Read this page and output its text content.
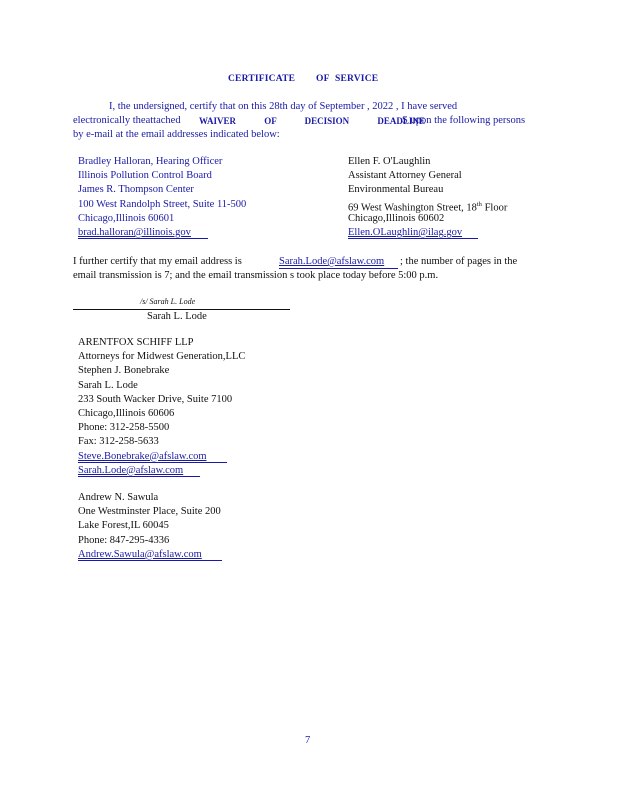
CERTIFICATE OF SERVICE
I, the undersigned, certify that on this 28th day of September , 2022 , I have served
electronically theattached WAIVER OF DECISION DEADLINE
S upon the following persons
by e-mail at the email addresses indicated below:
Bradley Halloran, Hearing Officer
Illinois Pollution Control Board
James R. Thompson Center
100 West Randolph Street, Suite 11-500
Chicago,Illinois 60601
brad.halloran@illinois.gov
Ellen F. O'Laughlin
Assistant Attorney General
Environmental Bureau
69 West Washington Street, 18th Floor
Chicago,Illinois 60602
Ellen.OLaughlin@ilag.gov
I further certify that my email address is	Sarah.Lode@afslaw.com ; the number of pages in the
email transmission is 7; and the email transmission s took place today before 5:00 p.m.
/s/ Sarah L. Lode
Sarah L. Lode
ARENTFOX SCHIFF LLP
Attorneys for Midwest Generation,LLC
Stephen J. Bonebrake
Sarah L. Lode
233 South Wacker Drive, Suite 7100
Chicago,Illinois 60606
Phone: 312-258-5500
Fax: 312-258-5633
Steve.Bonebrake@afslaw.com
Sarah.Lode@afslaw.com
Andrew N. Sawula
One Westminster Place, Suite 200
Lake Forest,IL 60045
Phone: 847-295-4336
Andrew.Sawula@afslaw.com
7
